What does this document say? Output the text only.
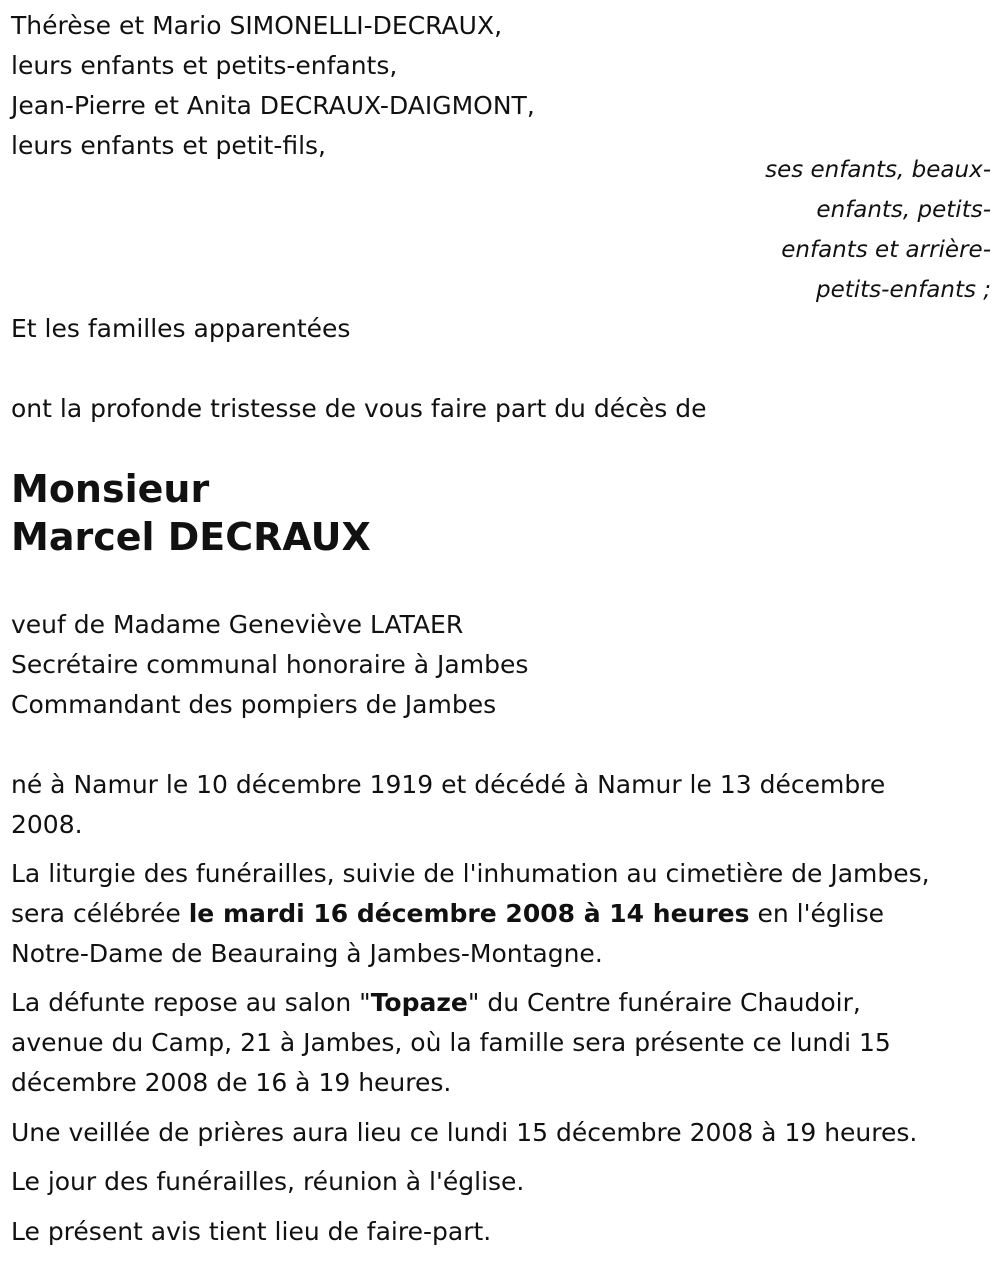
Thérèse et Mario SIMONELLI-DECRAUX,
leurs enfants et petits-enfants,
Jean-Pierre et Anita DECRAUX-DAIGMONT,
leurs enfants et petit-fils,
ses enfants, beaux-
enfants, petits-
enfants et arrière-
petits-enfants ;
Et les familles apparentées
ont la profonde tristesse de vous faire part du décès de
Monsieur
Marcel DECRAUX
veuf de Madame Geneviève LATAER
Secrétaire communal honoraire à Jambes
Commandant des pompiers de Jambes
né à Namur le 10 décembre 1919 et décédé à Namur le 13 décembre
2008.
La liturgie des funérailles, suivie de l'inhumation au cimetière de Jambes,
sera célébrée le mardi 16 décembre 2008 à 14 heures en l'église
Notre-Dame de Beauraing à Jambes-Montagne.
La défunte repose au salon "Topaze" du Centre funéraire Chaudoir,
avenue du Camp, 21 à Jambes, où la famille sera présente ce lundi 15
décembre 2008 de 16 à 19 heures.
Une veillée de prières aura lieu ce lundi 15 décembre 2008 à 19 heures.
Le jour des funérailles, réunion à l'église.
Le présent avis tient lieu de faire-part.
